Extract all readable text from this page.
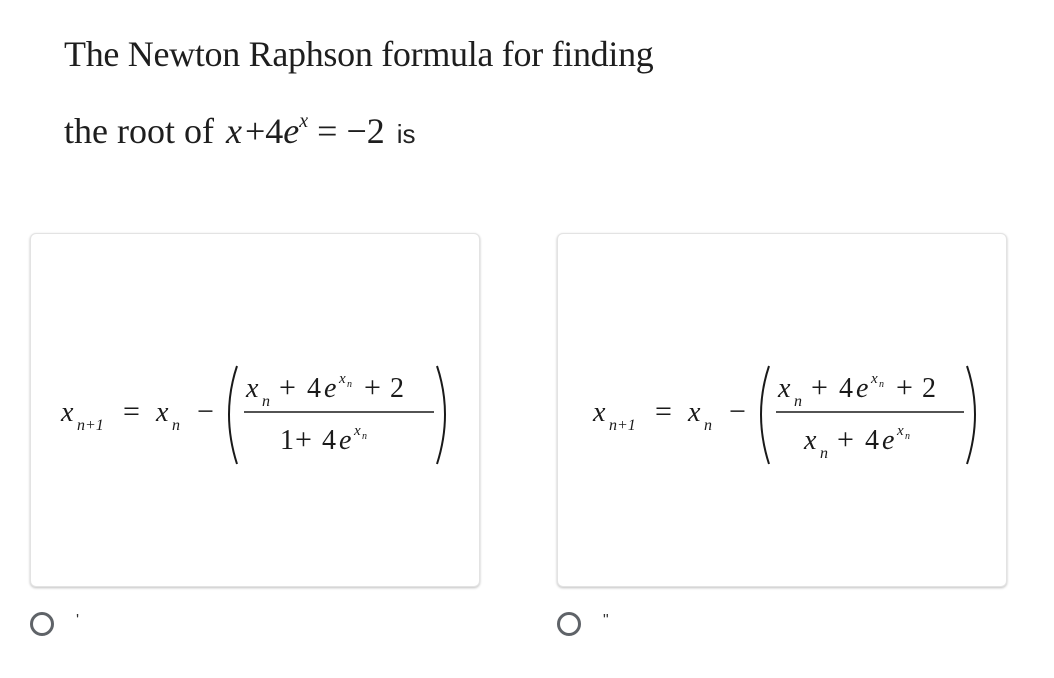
The Newton Raphson formula for finding
the root of x $+4e^x = -2$ is
x n+1 = x n −
x n + 4 e x n + 2
1 + 4 e x n
x n+1 = x n −
x n + 4 e x n + 2
x n + 4 e x n
'	"
